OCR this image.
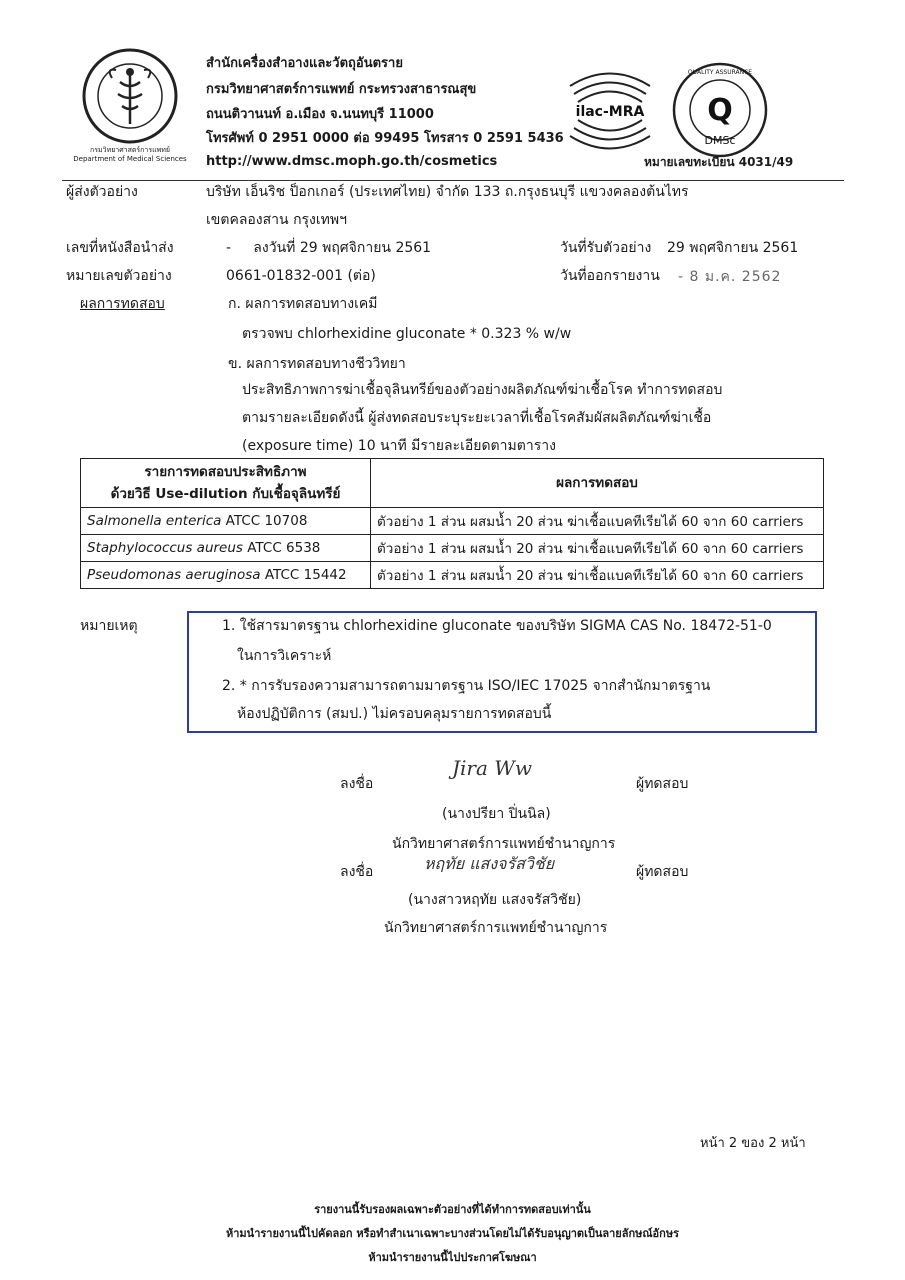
กรมวิทยาศาสตร์การแพทย์
Department of Medical Sciences
สำนักเครื่องสำอางและวัตถุอันตราย
กรมวิทยาศาสตร์การแพทย์ กระทรวงสาธารณสุข
ถนนติวานนท์ อ.เมือง จ.นนทบุรี 11000
โทรศัพท์ 0 2951 0000 ต่อ 99495 โทรสาร 0 2591 5436
http://www.dmsc.moph.go.th/cosmetics
ilac-MRA Q
DMSc
QUALITY ASSURANCE
หมายเลขทะเบียน 4031/49
ผู้ส่งตัวอย่าง	บริษัท เอ็นริช ป็อกเกอร์ (ประเทศไทย) จำกัด 133 ถ.กรุงธนบุรี แขวงคลองต้นไทร
เขตคลองสาน กรุงเทพฯ
เลขที่หนังสือนำส่ง	-     ลงวันที่ 29 พฤศจิกายน 2561	วันที่รับตัวอย่าง 29 พฤศจิกายน 2561
หมายเลขตัวอย่าง	0661-01832-001 (ต่อ)	วันที่ออกรายงาน - 8 ม.ค. 2562
ผลการทดสอบ	ก. ผลการทดสอบทางเคมี
ตรวจพบ chlorhexidine gluconate * 0.323 % w/w
ข. ผลการทดสอบทางชีววิทยา
ประสิทธิภาพการฆ่าเชื้อจุลินทรีย์ของตัวอย่างผลิตภัณฑ์ฆ่าเชื้อโรค ทำการทดสอบ
ตามรายละเอียดดังนี้ ผู้ส่งทดสอบระบุระยะเวลาที่เชื้อโรคสัมผัสผลิตภัณฑ์ฆ่าเชื้อ
(exposure time) 10 นาที มีรายละเอียดตามตาราง
รายการทดสอบประสิทธิภาพ
ด้วยวิธี Use-dilution กับเชื้อจุลินทรีย์	ผลการทดสอบ
Salmonella enterica ATCC 10708	ตัวอย่าง 1 ส่วน ผสมน้ำ 20 ส่วน ฆ่าเชื้อแบคทีเรียได้ 60 จาก 60 carriers
Staphylococcus aureus ATCC 6538	ตัวอย่าง 1 ส่วน ผสมน้ำ 20 ส่วน ฆ่าเชื้อแบคทีเรียได้ 60 จาก 60 carriers
Pseudomonas aeruginosa ATCC 15442	ตัวอย่าง 1 ส่วน ผสมน้ำ 20 ส่วน ฆ่าเชื้อแบคทีเรียได้ 60 จาก 60 carriers
หมายเหตุ	1. ใช้สารมาตรฐาน chlorhexidine gluconate ของบริษัท SIGMA CAS No. 18472-51-0
ในการวิเคราะห์
2. * การรับรองความสามารถตามมาตรฐาน ISO/IEC 17025 จากสำนักมาตรฐาน
ห้องปฏิบัติการ (สมป.) ไม่ครอบคลุมรายการทดสอบนี้
ลงชื่อ
Jira Ww
ผู้ทดสอบ
(นางปรียา ปิ่นนิล)
นักวิทยาศาสตร์การแพทย์ชำนาญการ
ลงชื่อ	หฤทัย แสงจรัสวิชัย	ผู้ทดสอบ
(นางสาวหฤทัย แสงจรัสวิชัย)
นักวิทยาศาสตร์การแพทย์ชำนาญการ
หน้า 2 ของ 2 หน้า
รายงานนี้รับรองผลเฉพาะตัวอย่างที่ได้ทำการทดสอบเท่านั้น
ห้ามนำรายงานนี้ไปคัดลอก หรือทำสำเนาเฉพาะบางส่วนโดยไม่ได้รับอนุญาตเป็นลายลักษณ์อักษร
ห้ามนำรายงานนี้ไปประกาศโฆษณา
